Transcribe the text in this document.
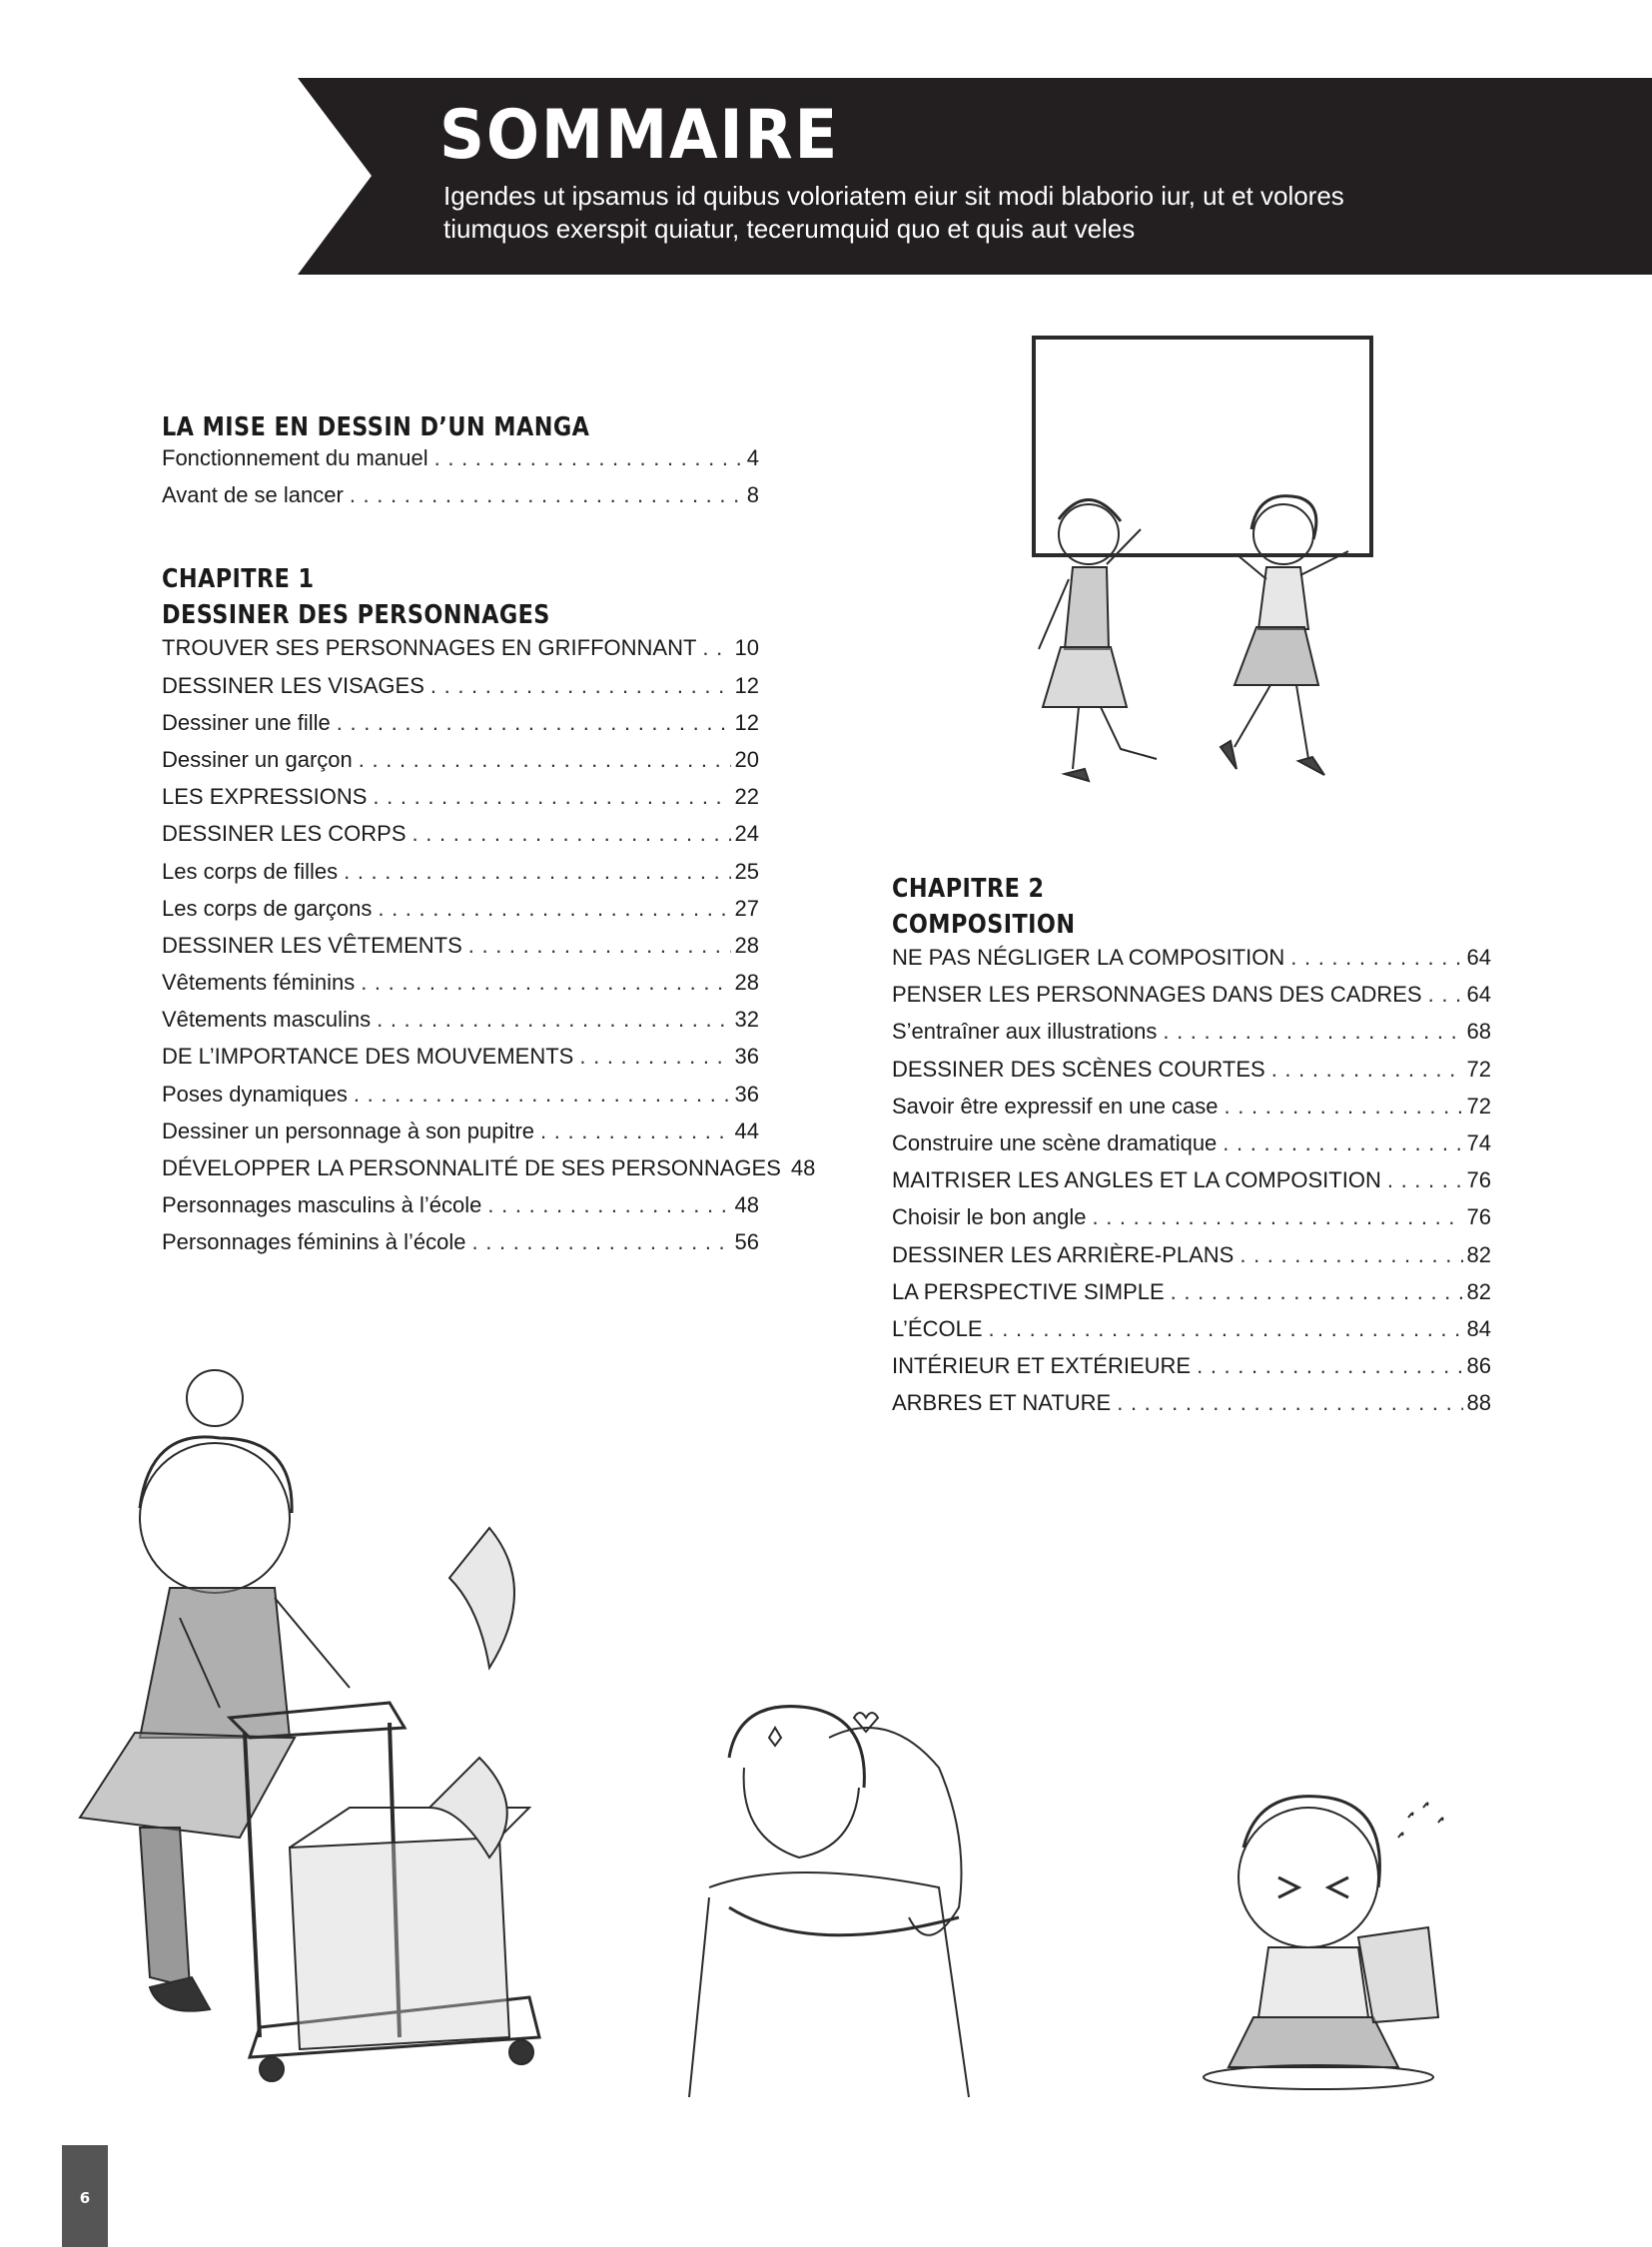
SOMMAIRE
Igendes ut ipsamus id quibus voloriatem eiur sit modi blaborio iur, ut et volores
tiumquos exerspit quiatur, tecerumquid quo et quis aut veles
LA MISE EN DESSIN D’UN MANGA
Fonctionnement du manuel . . .	4
Avant de se lancer . . .	8
CHAPITRE 1
DESSINER DES PERSONNAGES
TROUVER SES PERSONNAGES EN GRIFFONNANT . . . 10
DESSINER LES VISAGES . . .	12
Dessiner une fille . . .	12
Dessiner un garçon . . .	20
LES EXPRESSIONS . . .	22
DESSINER LES CORPS . . .	24
Les corps de filles . . .	25
Les corps de garçons . . .	27
DESSINER LES VÊTEMENTS . . .	28
Vêtements féminins . . .	28
Vêtements masculins . . .	32
DE L’IMPORTANCE DES MOUVEMENTS . . .	36
Poses dynamiques . . .	36
Dessiner un personnage à son pupitre . . .	44
DÉVELOPPER LA PERSONNALITÉ DE SES PERSONNAGES 48
Personnages masculins à l’école . . .	48
Personnages féminins à l’école . . .	56
CHAPITRE 2
COMPOSITION
NE PAS NÉGLIGER LA COMPOSITION . . .	64
PENSER LES PERSONNAGES DANS DES CADRES . . . 64
S’entraîner aux illustrations . . .	68
DESSINER DES SCÈNES COURTES . . .	72
Savoir être expressif en une case . . .	72
Construire une scène dramatique . . .	74
MAITRISER LES ANGLES ET LA COMPOSITION . . .	76
Choisir le bon angle . . .	76
DESSINER LES ARRIÈRE-PLANS . . .	82
LA PERSPECTIVE SIMPLE . . .	82
L’ÉCOLE . . .	84
INTÉRIEUR ET EXTÉRIEURE . . .	86
ARBRES ET NATURE . . .	88
6
